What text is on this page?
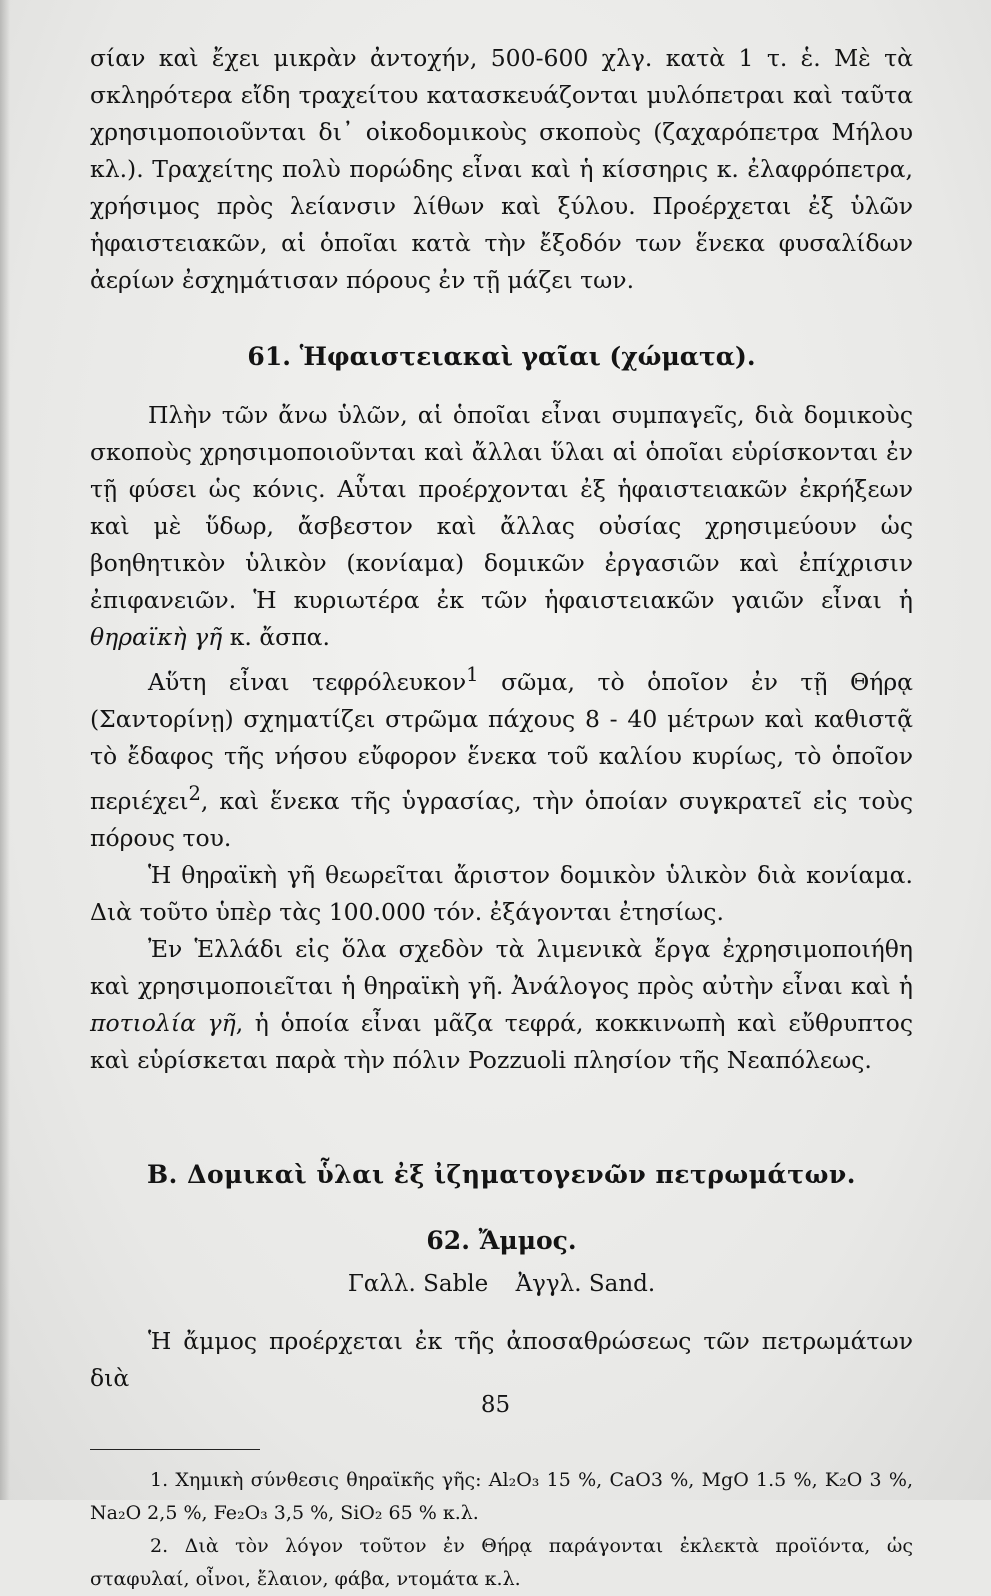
σίαν καὶ ἔχει μικρὰν ἀντοχήν, 500-600 χλγ. κατὰ 1 τ. ἑ. Μὲ τὰ σκληρότερα εἴδη τραχείτου κατασκευάζονται μυλόπετραι καὶ ταῦτα χρησιμοποιοῦνται δι᾿ οἰκοδομικοὺς σκοποὺς (ζαχαρόπετρα Μήλου κλ.). Τραχείτης πολὺ πορώδης εἶναι καὶ ἡ κίσσηρις κ. ἐλαφρόπετρα, χρήσιμος πρὸς λείανσιν λίθων καὶ ξύλου. Προέρχεται ἐξ ὑλῶν ἡφαιστειακῶν, αἱ ὁποῖαι κατὰ τὴν ἔξοδόν των ἕνεκα φυσαλίδων ἀερίων ἐσχημάτισαν πόρους ἐν τῇ μάζει των.

61. Ἡφαιστειακαὶ γαῖαι (χώματα).

Πλὴν τῶν ἄνω ὑλῶν, αἱ ὁποῖαι εἶναι συμπαγεῖς, διὰ δομικοὺς σκοποὺς χρησιμοποιοῦνται καὶ ἄλλαι ὕλαι αἱ ὁποῖαι εὑρίσκονται ἐν τῇ φύσει ὡς κόνις. Αὗται προέρχονται ἐξ ἡφαιστειακῶν ἐκρήξεων καὶ μὲ ὕδωρ, ἄσβεστον καὶ ἄλλας οὐσίας χρησιμεύουν ὡς βοηθητικὸν ὑλικὸν (κονίαμα) δομικῶν ἐργασιῶν καὶ ἐπίχρισιν ἐπιφανειῶν. Ἡ κυριωτέρα ἐκ τῶν ἡφαιστειακῶν γαιῶν εἶναι ἡ θηραϊκὴ γῆ κ. ἄσπα.

Αὕτη εἶναι τεφρόλευκον$^1$ σῶμα, τὸ ὁποῖον ἐν τῇ Θήρᾳ (Σαντορίνῃ) σχηματίζει στρῶμα πάχους 8 - 40 μέτρων καὶ καθιστᾷ τὸ ἔδαφος τῆς νήσου εὔφορον ἕνεκα τοῦ καλίου κυρίως, τὸ ὁποῖον περιέχει$^2$, καὶ ἕνεκα τῆς ὑγρασίας, τὴν ὁποίαν συγκρατεῖ εἰς τοὺς πόρους του.

Ἡ θηραϊκὴ γῆ θεωρεῖται ἄριστον δομικὸν ὑλικὸν διὰ κονίαμα. Διὰ τοῦτο ὑπὲρ τὰς 100.000 τόν. ἐξάγονται ἐτησίως.

Ἐν Ἑλλάδι εἰς ὅλα σχεδὸν τὰ λιμενικὰ ἔργα ἐχρησιμοποιήθη καὶ χρησιμοποιεῖται ἡ θηραϊκὴ γῆ. Ἀνάλογος πρὸς αὐτὴν εἶναι καὶ ἡ ποτιολία γῆ, ἡ ὁποία εἶναι μᾶζα τεφρά, κοκκινωπὴ καὶ εὔθρυπτος καὶ εὑρίσκεται παρὰ τὴν πόλιν Pozzuoli πλησίον τῆς Νεαπόλεως.

Β. Δομικαὶ ὗλαι ἐξ ἰζηματογενῶν πετρωμάτων.
62. Ἄμμος.
Γαλλ. Sable Ἀγγλ. Sand.

Ἡ ἄμμος προέρχεται ἐκ τῆς ἀποσαθρώσεως τῶν πετρωμάτων διὰ

1. Χημικὴ σύνθεσις θηραϊκῆς γῆς: Al₂O₃ 15 %, CaO3 %, MgO 1.5 %, K₂O 3 %, Na₂O 2,5 %, Fe₂O₃ 3,5 %, SiO₂ 65 % κ.λ.

2. Διὰ τὸν λόγον τοῦτον ἐν Θήρᾳ παράγονται ἐκλεκτὰ προϊόντα, ὡς σταφυλαί, οἶνοι, ἔλαιον, φάβα, ντομάτα κ.λ.

85
